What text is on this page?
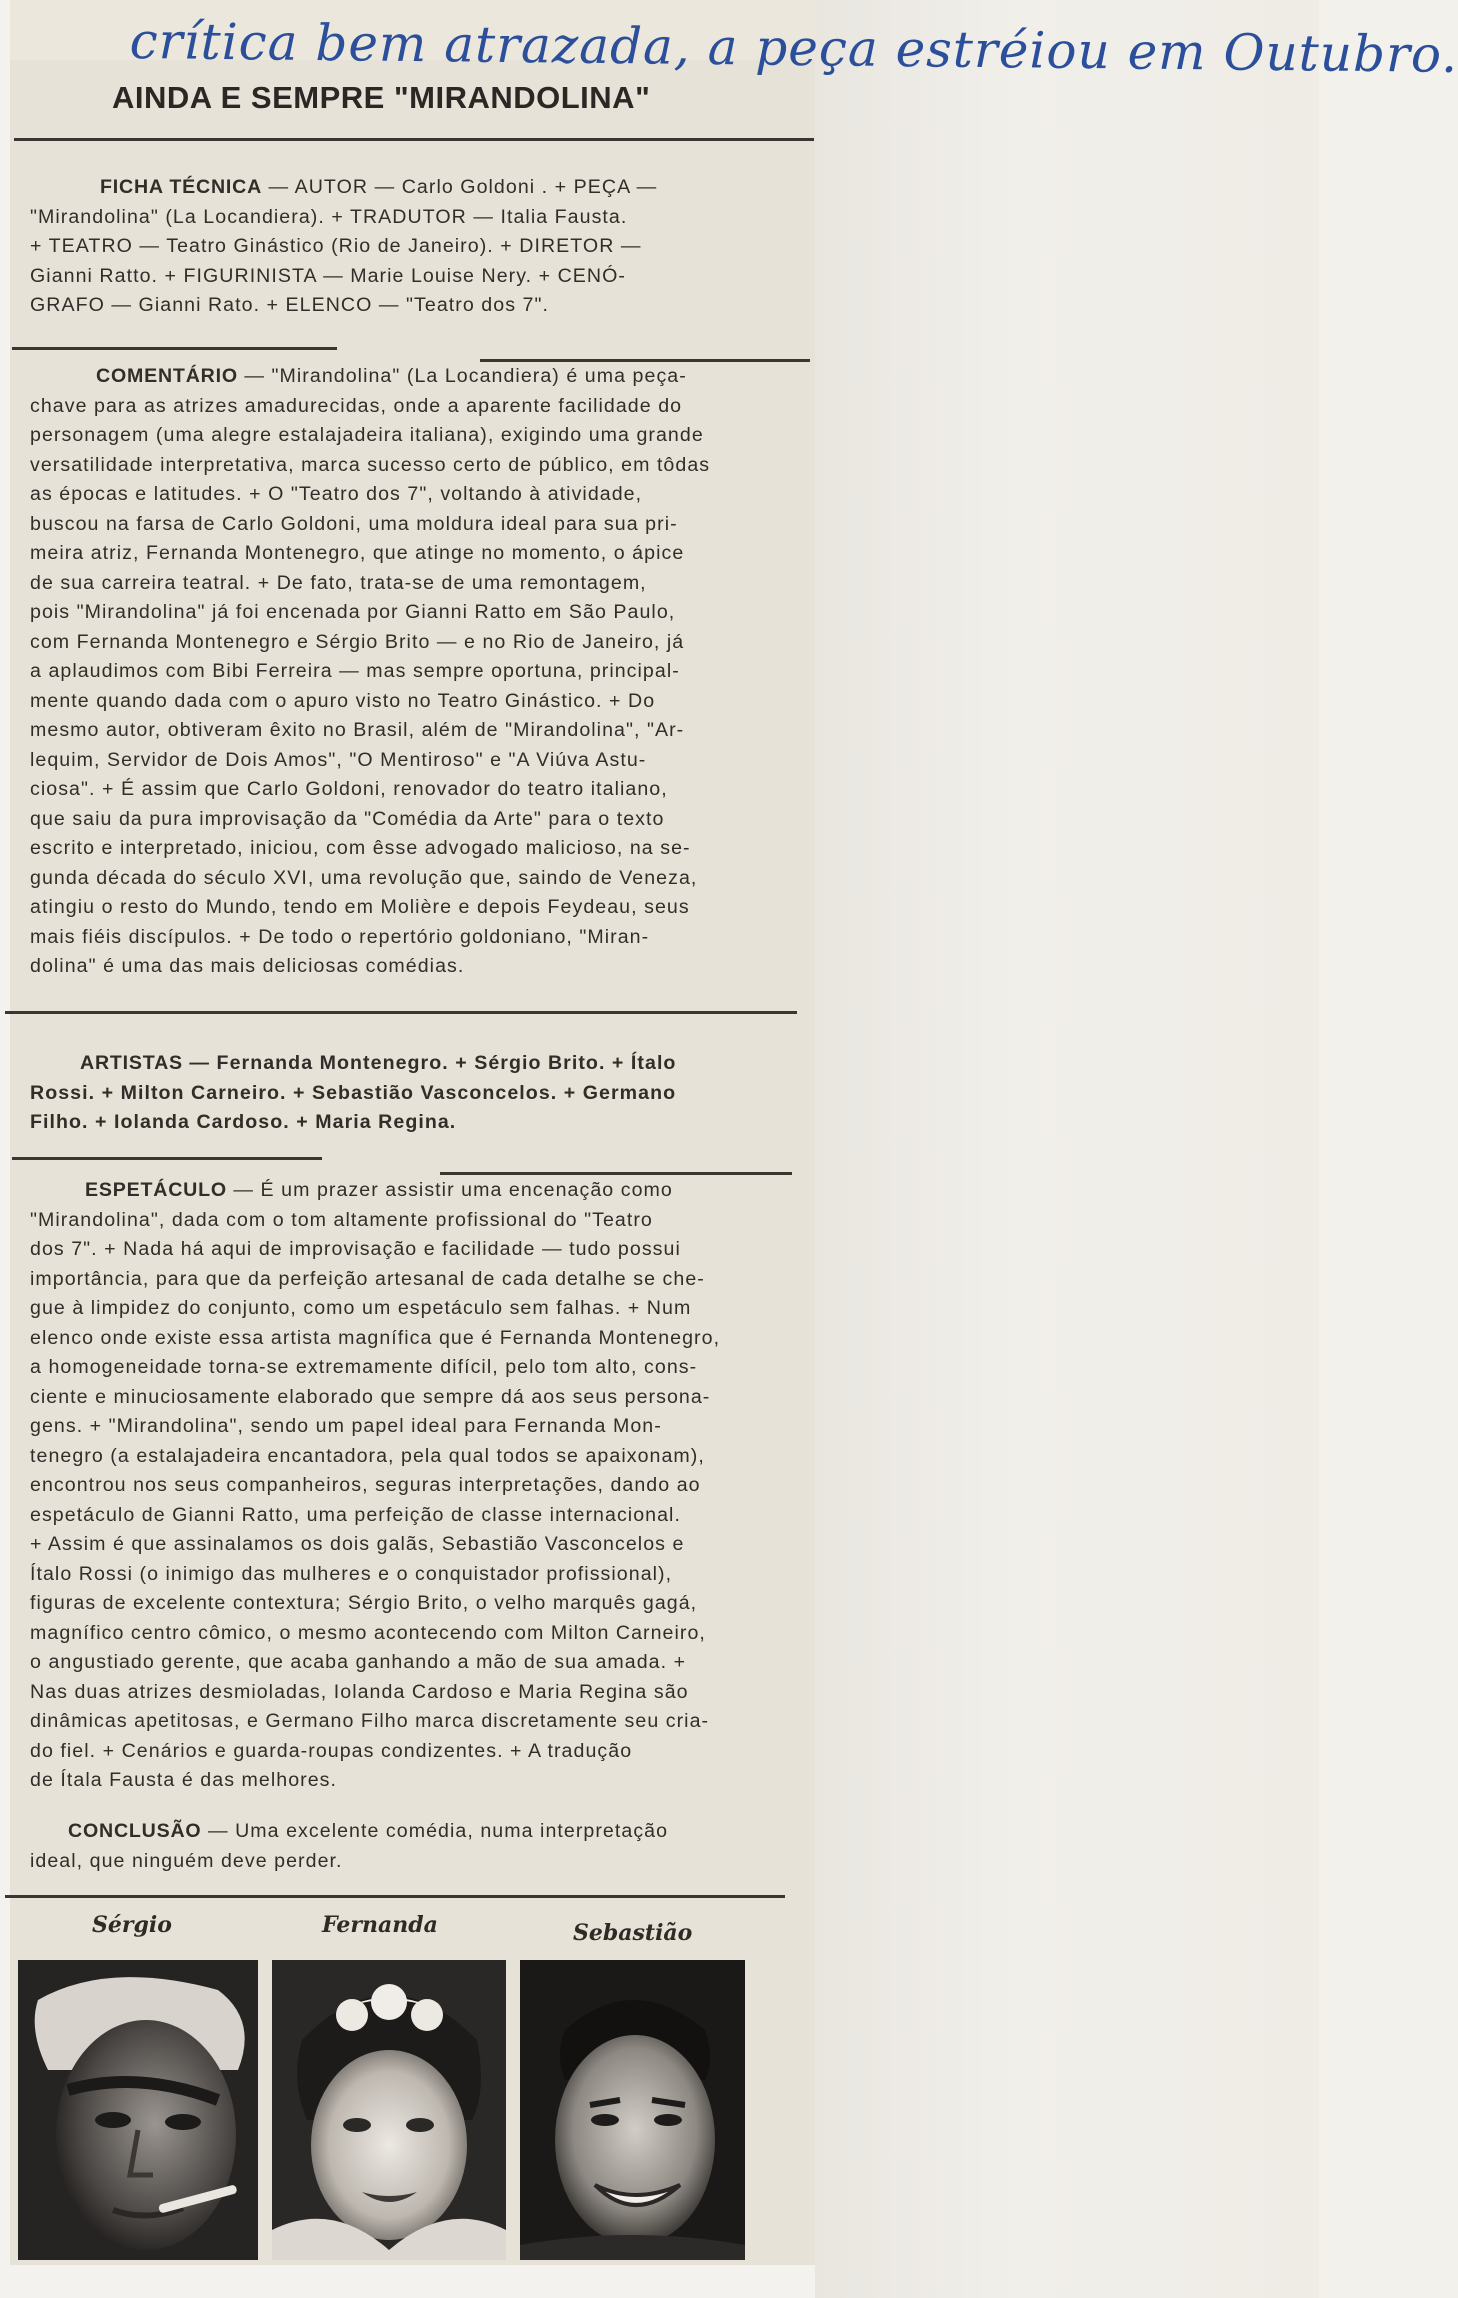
crítica bem atrazada, a peça estréiou em Outubro.
AINDA E SEMPRE "MIRANDOLINA"
FICHA TÉCNICA — AUTOR — Carlo Goldoni . + PEÇA —
"Mirandolina" (La Locandiera). + TRADUTOR — Italia Fausta.
+ TEATRO — Teatro Ginástico (Rio de Janeiro). + DIRETOR —
Gianni Ratto. + FIGURINISTA — Marie Louise Nery. + CENÓ-
GRAFO — Gianni Rato. + ELENCO — "Teatro dos 7".
COMENTÁRIO — "Mirandolina" (La Locandiera) é uma peça-
chave para as atrizes amadurecidas, onde a aparente facilidade do
personagem (uma alegre estalajadeira italiana), exigindo uma grande
versatilidade interpretativa, marca sucesso certo de público, em tôdas
as épocas e latitudes. + O "Teatro dos 7", voltando à atividade,
buscou na farsa de Carlo Goldoni, uma moldura ideal para sua pri-
meira atriz, Fernanda Montenegro, que atinge no momento, o ápice
de sua carreira teatral. + De fato, trata-se de uma remontagem,
pois "Mirandolina" já foi encenada por Gianni Ratto em São Paulo,
com Fernanda Montenegro e Sérgio Brito — e no Rio de Janeiro, já
a aplaudimos com Bibi Ferreira — mas sempre oportuna, principal-
mente quando dada com o apuro visto no Teatro Ginástico. + Do
mesmo autor, obtiveram êxito no Brasil, além de "Mirandolina", "Ar-
lequim, Servidor de Dois Amos", "O Mentiroso" e "A Viúva Astu-
ciosa". + É assim que Carlo Goldoni, renovador do teatro italiano,
que saiu da pura improvisação da "Comédia da Arte" para o texto
escrito e interpretado, iniciou, com êsse advogado malicioso, na se-
gunda década do século XVI, uma revolução que, saindo de Veneza,
atingiu o resto do Mundo, tendo em Molière e depois Feydeau, seus
mais fiéis discípulos. + De todo o repertório goldoniano, "Miran-
dolina" é uma das mais deliciosas comédias.
ARTISTAS — Fernanda Montenegro. + Sérgio Brito. + Ítalo
Rossi. + Milton Carneiro. + Sebastião Vasconcelos. + Germano
Filho. + Iolanda Cardoso. + Maria Regina.
ESPETÁCULO — É um prazer assistir uma encenação como
"Mirandolina", dada com o tom altamente profissional do "Teatro
dos 7". + Nada há aqui de improvisação e facilidade — tudo possui
importância, para que da perfeição artesanal de cada detalhe se che-
gue à limpidez do conjunto, como um espetáculo sem falhas. + Num
elenco onde existe essa artista magnífica que é Fernanda Montenegro,
a homogeneidade torna-se extremamente difícil, pelo tom alto, cons-
ciente e minuciosamente elaborado que sempre dá aos seus persona-
gens. + "Mirandolina", sendo um papel ideal para Fernanda Mon-
tenegro (a estalajadeira encantadora, pela qual todos se apaixonam),
encontrou nos seus companheiros, seguras interpretações, dando ao
espetáculo de Gianni Ratto, uma perfeição de classe internacional.
+ Assim é que assinalamos os dois galãs, Sebastião Vasconcelos e
Ítalo Rossi (o inimigo das mulheres e o conquistador profissional),
figuras de excelente contextura; Sérgio Brito, o velho marquês gagá,
magnífico centro cômico, o mesmo acontecendo com Milton Carneiro,
o angustiado gerente, que acaba ganhando a mão de sua amada. +
Nas duas atrizes desmioladas, Iolanda Cardoso e Maria Regina são
dinâmicas apetitosas, e Germano Filho marca discretamente seu cria-
do fiel. + Cenários e guarda-roupas condizentes. + A tradução
de Ítala Fausta é das melhores.
CONCLUSÃO — Uma excelente comédia, numa interpretação
ideal, que ninguém deve perder.
Sérgio	Fernanda	Sebastião
